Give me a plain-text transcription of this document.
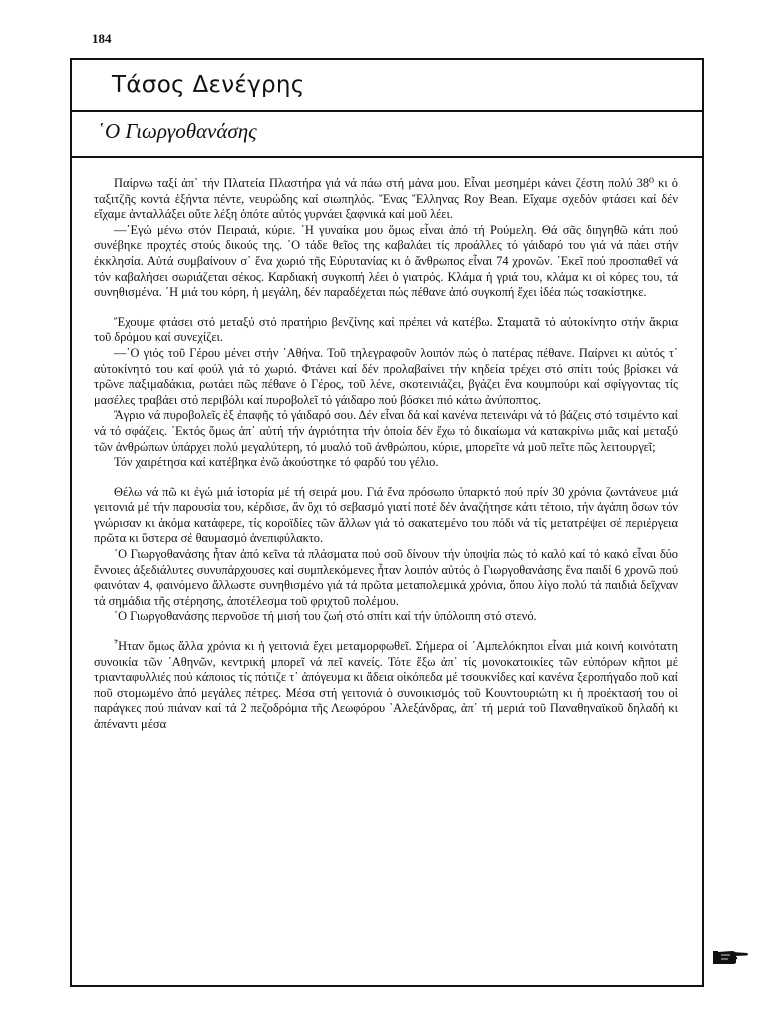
184
Τάσος Δενέγρης
῾Ο Γιωργοθανάσης

Παίρνω ταξί ἀπ᾿ τήν Πλατεία Πλαστήρα γιά νά πάω στή μάνα μου. Εἶναι μεσημέρι κάνει ζέστη πολύ 38⁰ κι ὁ ταξιτζῆς κοντά ἑξήντα πέντε, νευρώδης καί σιωπηλός. Ἕνας Ἕλληνας Roy Bean. Εἴχαμε σχεδόν φτάσει καί δέν εἴχαμε ἀνταλλάξει οὔτε λέξη ὁπότε αὐτός γυρνάει ξαφνικά καί μοῦ λέει.

—᾿Εγώ μένω στόν Πειραιά, κύριε. ῾Η γυναίκα μου ὅμως εἶναι ἀπό τή Ρούμελη. Θά σᾶς διηγηθῶ κάτι πού συνέβηκε προχτές στούς δικούς της. ῾Ο τάδε θεῖος της καβαλάει τίς προάλλες τό γάιδαρό του γιά νά πάει στήν ἐκκλησία. Αὐτά συμβαίνουν σ᾿ ἕνα χωριό τῆς Εὐρυτανίας κι ὁ ἄνθρωπος εἶναι 74 χρονῶν. ᾿Εκεῖ πού προσπαθεῖ νά τόν καβαλήσει σωριάζεται σέκος. Καρδιακή συγκοπή λέει ὁ γιατρός. Κλάμα ἡ γριά του, κλάμα κι οἱ κόρες του, τά συνηθισμένα. ῾Η μιά του κόρη, ἡ μεγάλη, δέν παραδέχεται πώς πέθανε ἀπό συγκοπή ἔχει ἰδέα πώς τσακίστηκε.

Ἔχουμε φτάσει στό μεταξύ στό πρατήριο βενζίνης καί πρέπει νά κατέβω. Σταματᾶ τό αὐτοκίνητο στήν ἄκρια τοῦ δρόμου καί συνεχίζει.

—῾Ο γιός τοῦ Γέρου μένει στήν ᾿Αθήνα. Τοῦ τηλεγραφοῦν λοιπόν πώς ὁ πατέρας πέθανε. Παίρνει κι αὐτός τ᾿ αὐτοκίνητό του καί φούλ γιά τό χωριό. Φτάνει καί δέν προλαβαίνει τήν κηδεία τρέχει στό σπίτι τούς βρίσκει νά τρῶνε παξιμαδάκια, ρωτάει πῶς πέθανε ὁ Γέρος, τοῦ λένε, σκοτεινιάζει, βγάζει ἕνα κουμπούρι καί σφίγγοντας τίς μασέλες τραβάει στό περιβόλι καί πυροβολεῖ τό γάιδαρο πού βόσκει πιό κάτω ἀνύποπτος.

Ἄγριο νά πυροβολεῖς ἐξ ἐπαφῆς τό γάιδαρό σου. Δέν εἶναι δά καί κανένα πετεινάρι νά τό βάζεις στό τσιμέντο καί νά τό σφάζεις. ᾿Εκτός ὅμως ἀπ᾿ αὐτή τήν ἀγριότητα τήν ὁποία δέν ἔχω τό δικαίωμα νά κατακρίνω μιᾶς καί μεταξύ τῶν ἀνθρώπων ὑπάρχει πολύ μεγαλύτερη, τό μυαλό τοῦ ἀνθρώπου, κύριε, μπορεῖτε νά μοῦ πεῖτε πῶς λειτουργεῖ;

Τόν χαιρέτησα καί κατέβηκα ἐνῶ ἀκούστηκε τό φαρδύ του γέλιο.

Θέλω νά πῶ κι ἐγώ μιά ἱστορία μέ τή σειρά μου. Γιά ἕνα πρόσωπο ὑπαρκτό πού πρίν 30 χρόνια ζωντάνευε μιά γειτονιά μέ τήν παρουσία του, κέρδισε, ἄν ὄχι τό σεβασμό γιατί ποτέ δέν ἀναζήτησε κάτι τέτοιο, τήν ἀγάπη ὅσων τόν γνώρισαν κι ἀκόμα κατάφερε, τίς κοροϊδίες τῶν ἄλλων γιά τό σακατεμένο του πόδι νά τίς μετατρέψει σέ περιέργεια πρῶτα κι ὕστερα σέ θαυμασμό ἀνεπιφύλακτο.

῾Ο Γιωργοθανάσης ἦταν ἀπό κεῖνα τά πλάσματα πού σοῦ δίνουν τήν ὑποψία πώς τό καλό καί τό κακό εἶναι δύο ἔννοιες ἀξεδιάλυτες συνυπάρχουσες καί συμπλεκόμενες ἦταν λοιπόν αὐτός ὁ Γιωργοθανάσης ἕνα παιδί 6 χρονῶ πού φαινόταν 4, φαινόμενο ἄλλωστε συνηθισμένο γιά τά πρῶτα μεταπολεμικά χρόνια, ὅπου λίγο πολύ τά παιδιά δεῖχναν τά σημάδια τῆς στέρησης, ἀποτέλεσμα τοῦ φριχτοῦ πολέμου.

῾Ο Γιωργοθανάσης περνοῦσε τή μισή του ζωή στό σπίτι καί τήν ὑπόλοιπη στό στενό.

῏Ηταν ὅμως ἄλλα χρόνια κι ἡ γειτονιά ἔχει μεταμορφωθεῖ. Σήμερα οἱ ᾿Αμπελόκηποι εἶναι μιά κοινή κοινότατη συνοικία τῶν ᾿Αθηνῶν, κεντρική μπορεῖ νά πεῖ κανείς. Τότε ἔξω ἀπ᾿ τίς μονοκατοικίες τῶν εὐπόρων κῆποι μέ τριανταφυλλιές πού κάποιος τίς πότιζε τ᾿ ἀπόγευμα κι ἄδεια οἰκόπεδα μέ τσουκνίδες καί κανένα ξεροπήγαδο ποῦ καί ποῦ στομωμένο ἀπό μεγάλες πέτρες. Μέσα στή γειτονιά ὁ συνοικισμός τοῦ Κουντουριώτη κι ἡ προέκτασή του οἱ παράγκες πού πιάναν καί τά 2 πεζοδρόμια τῆς Λεωφόρου ᾿Αλεξάνδρας, ἀπ᾿ τή μεριά τοῦ Παναθηναϊκοῦ δηλαδή κι ἀπέναντι μέσα
